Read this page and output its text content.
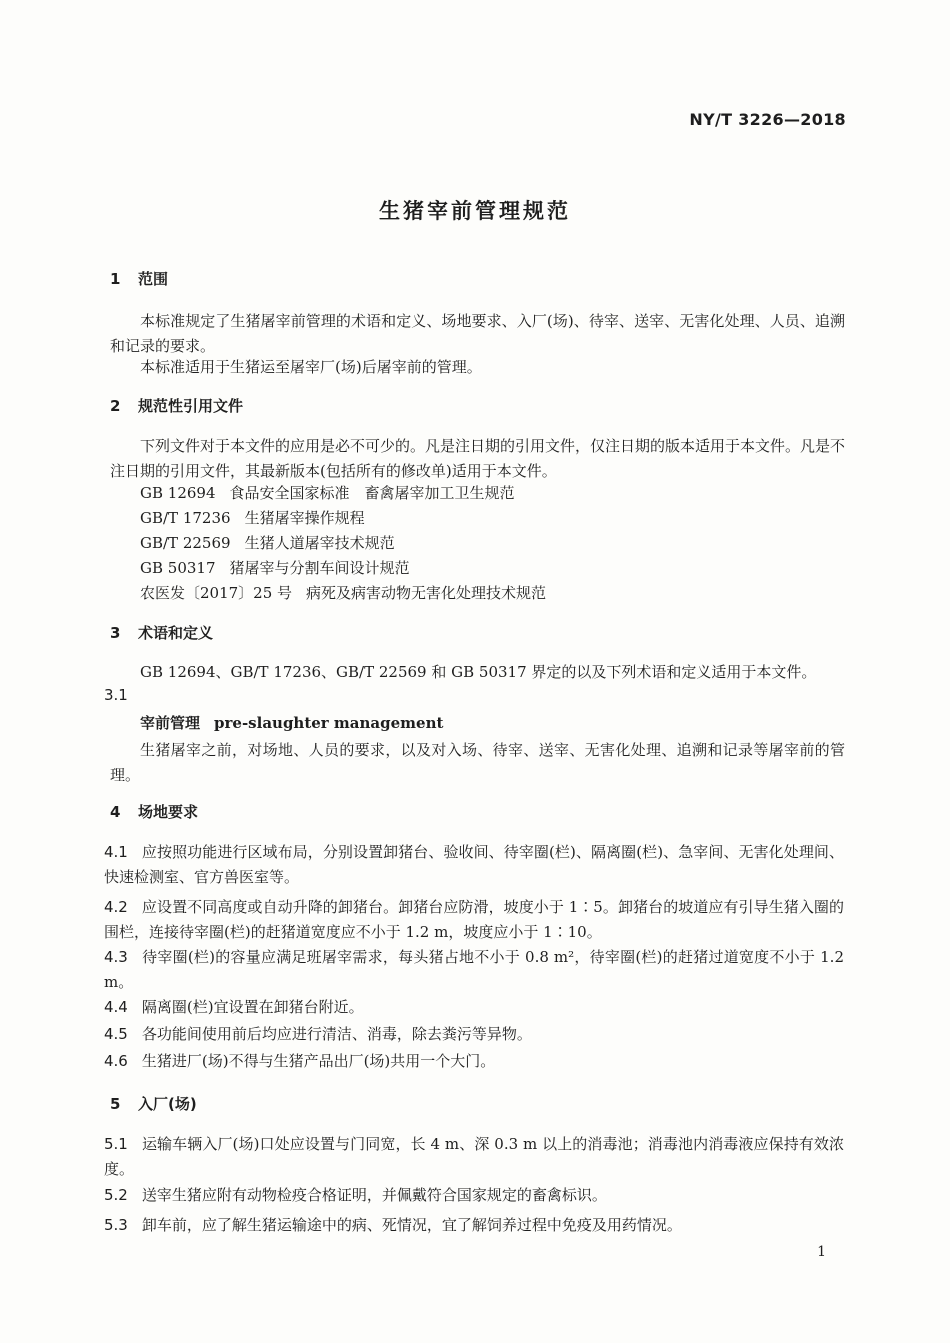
NY/T 3226—2018
生猪宰前管理规范
1 范围
本标准规定了生猪屠宰前管理的术语和定义、场地要求、入厂(场)、待宰、送宰、无害化处理、人员、追溯和记录的要求。
本标准适用于生猪运至屠宰厂(场)后屠宰前的管理。
2 规范性引用文件
下列文件对于本文件的应用是必不可少的。凡是注日期的引用文件，仅注日期的版本适用于本文件。凡是不注日期的引用文件，其最新版本(包括所有的修改单)适用于本文件。
GB 12694 食品安全国家标准　畜禽屠宰加工卫生规范
GB/T 17236 生猪屠宰操作规程
GB/T 22569 生猪人道屠宰技术规范
GB 50317 猪屠宰与分割车间设计规范
农医发〔2017〕25 号 病死及病害动物无害化处理技术规范
3 术语和定义
GB 12694、GB/T 17236、GB/T 22569 和 GB 50317 界定的以及下列术语和定义适用于本文件。
3.1
宰前管理 pre-slaughter management
生猪屠宰之前，对场地、人员的要求，以及对入场、待宰、送宰、无害化处理、追溯和记录等屠宰前的管理。
4 场地要求
4.1 应按照功能进行区域布局，分别设置卸猪台、验收间、待宰圈(栏)、隔离圈(栏)、急宰间、无害化处理间、快速检测室、官方兽医室等。
4.2 应设置不同高度或自动升降的卸猪台。卸猪台应防滑，坡度小于 1∶5。卸猪台的坡道应有引导生猪入圈的围栏，连接待宰圈(栏)的赶猪道宽度应不小于 1.2 m，坡度应小于 1∶10。
4.3 待宰圈(栏)的容量应满足班屠宰需求，每头猪占地不小于 0.8 m²，待宰圈(栏)的赶猪过道宽度不小于 1.2 m。
4.4 隔离圈(栏)宜设置在卸猪台附近。
4.5 各功能间使用前后均应进行清洁、消毒，除去粪污等异物。
4.6 生猪进厂(场)不得与生猪产品出厂(场)共用一个大门。
5 入厂(场)
5.1 运输车辆入厂(场)口处应设置与门同宽，长 4 m、深 0.3 m 以上的消毒池；消毒池内消毒液应保持有效浓度。
5.2 送宰生猪应附有动物检疫合格证明，并佩戴符合国家规定的畜禽标识。
5.3 卸车前，应了解生猪运输途中的病、死情况，宜了解饲养过程中免疫及用药情况。
1
